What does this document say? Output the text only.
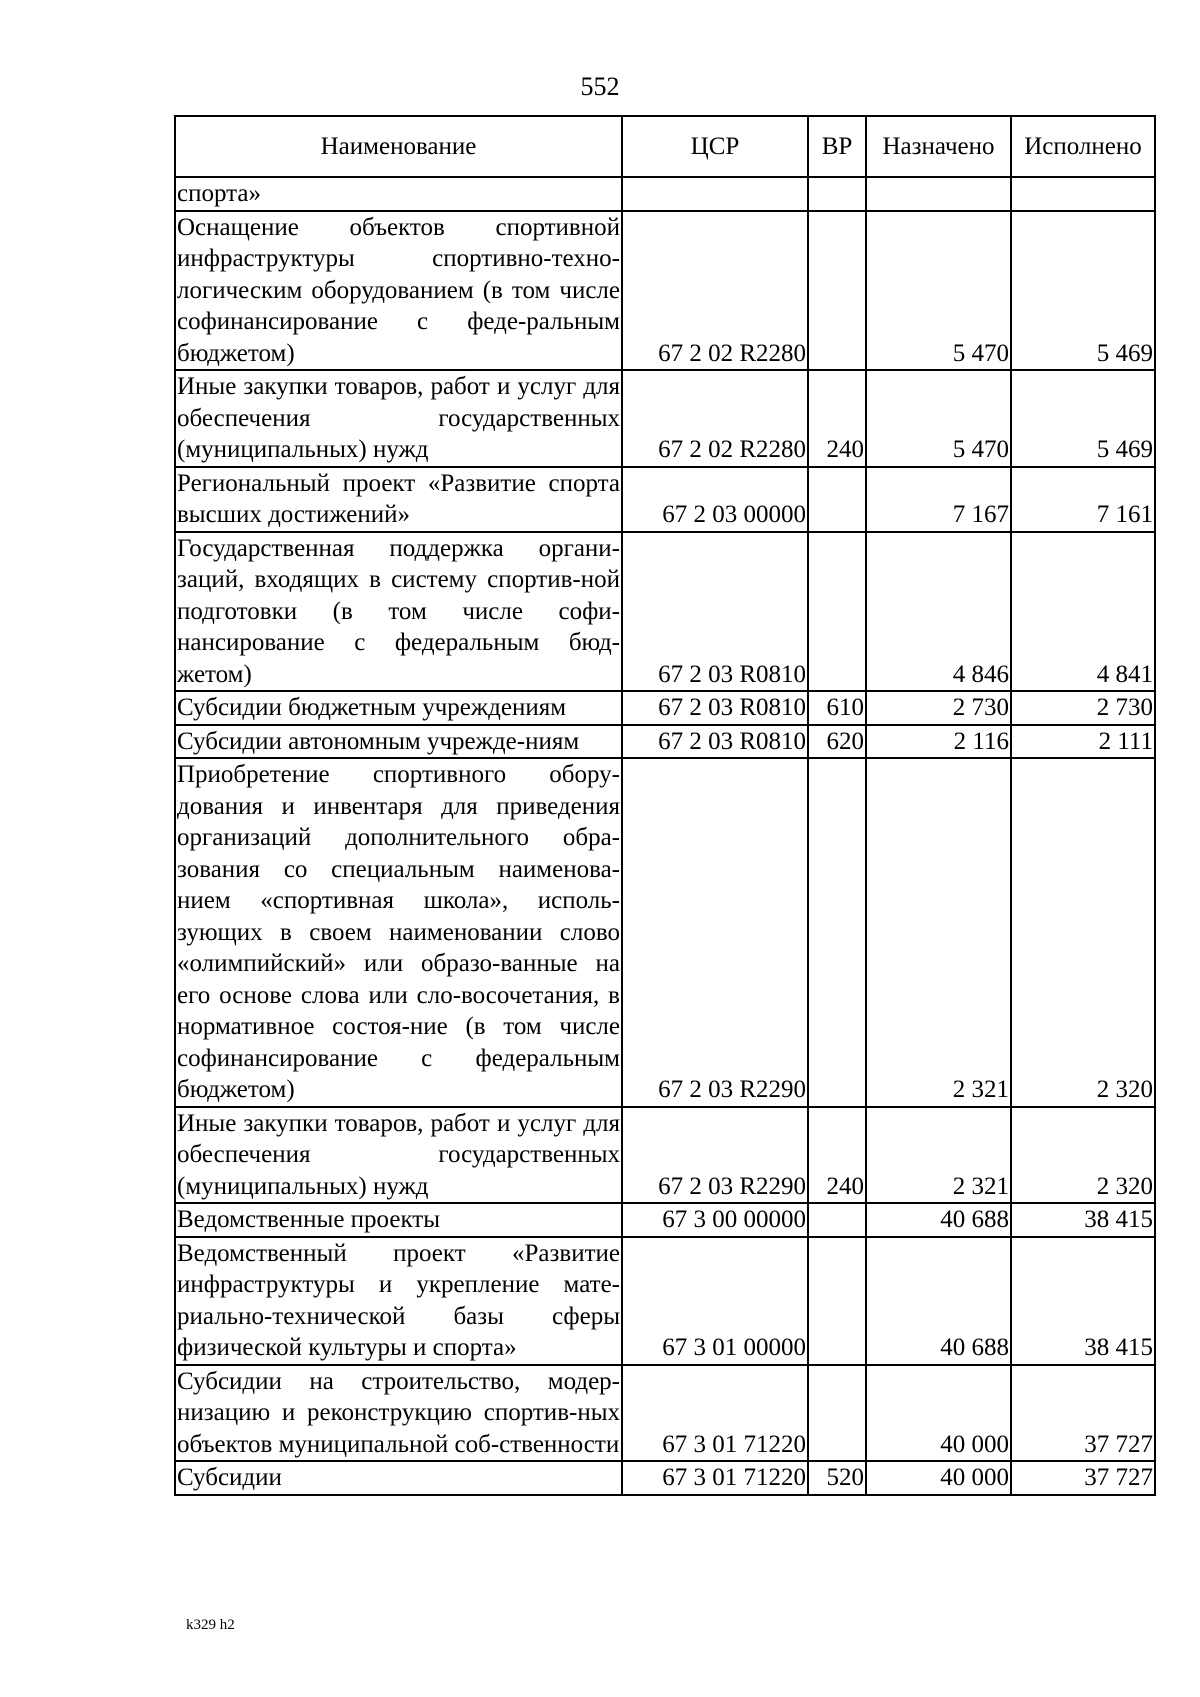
552
Наименование	ЦСР	ВР	Назначено	Исполнено
спорта»				
Оснащение объектов спортивной инфраструктуры спортивно-техно-логическим оборудованием (в том числе софинансирование с феде-ральным бюджетом)	67 2 02 R2280		5 470	5 469
Иные закупки товаров, работ и услуг для обеспечения государственных (муниципальных) нужд	67 2 02 R2280	240	5 470	5 469
Региональный проект «Развитие спорта высших достижений»	67 2 03 00000		7 167	7 161
Государственная поддержка органи-заций, входящих в систему спортив-ной подготовки (в том числе софи-нансирование с федеральным бюд-жетом)	67 2 03 R0810		4 846	4 841
Субсидии бюджетным учреждениям	67 2 03 R0810	610	2 730	2 730
Субсидии автономным учрежде-ниям	67 2 03 R0810	620	2 116	2 111
Приобретение спортивного обору-дования и инвентаря для приведения организаций дополнительного обра-зования со специальным наименова-нием «спортивная школа», исполь-зующих в своем наименовании слово «олимпийский» или образо-ванные на его основе слова или сло-восочетания, в нормативное состоя-ние (в том числе софинансирование с федеральным бюджетом)	67 2 03 R2290		2 321	2 320
Иные закупки товаров, работ и услуг для обеспечения государственных (муниципальных) нужд	67 2 03 R2290	240	2 321	2 320
Ведомственные проекты	67 3 00 00000		40 688	38 415
Ведомственный проект «Развитие инфраструктуры и укрепление мате-риально-технической базы сферы физической культуры и спорта»	67 3 01 00000		40 688	38 415
Субсидии на строительство, модер-низацию и реконструкцию спортив-ных объектов муниципальной соб-ственности	67 3 01 71220		40 000	37 727
Субсидии	67 3 01 71220	520	40 000	37 727
k329 h2
